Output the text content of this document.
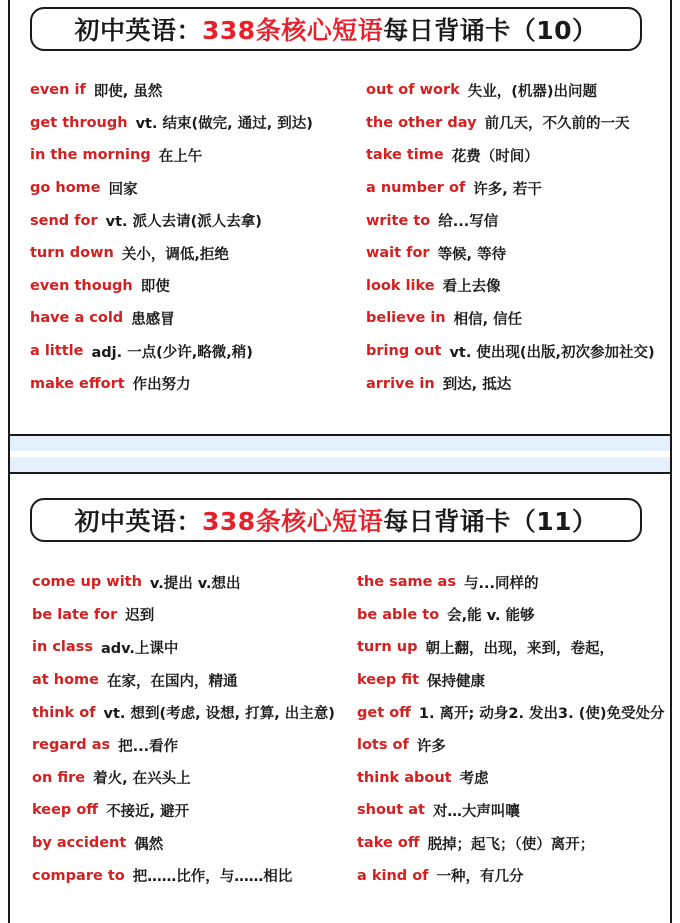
初中英语： 338条核心短语 每日背诵卡（10）
even if 即使, 虽然
get through vt. 结束(做完, 通过, 到达)
in the morning 在上午
go home 回家
send for vt. 派人去请(派人去拿)
turn down 关小，调低,拒绝
even though 即使
have a cold 患感冒
a little adj. 一点(少许,略微,稍)
make effort 作出努力
out of work 失业，(机器)出问题
the other day 前几天，不久前的一天
take time 花费（时间）
a number of 许多, 若干
write to 给...写信
wait for 等候, 等待
look like 看上去像
believe in 相信, 信任
bring out vt. 使出现(出版,初次参加社交)
arrive in 到达, 抵达
初中英语： 338条核心短语 每日背诵卡（11）
come up with v.提出 v.想出
be late for 迟到
in class adv.上课中
at home 在家，在国内，精通
think of vt. 想到(考虑, 设想, 打算, 出主意)
regard as 把...看作
on fire 着火, 在兴头上
keep off 不接近, 避开
by accident 偶然
compare to 把……比作，与……相比
the same as 与...同样的
be able to 会,能 v. 能够
turn up 朝上翻，出现，来到，卷起，
keep fit 保持健康
get off 1. 离开; 动身2. 发出3. (使)免受处分
lots of 许多
think about 考虑
shout at 对…大声叫嚷
take off 脱掉；起飞；（使）离开；
a kind of 一种，有几分
